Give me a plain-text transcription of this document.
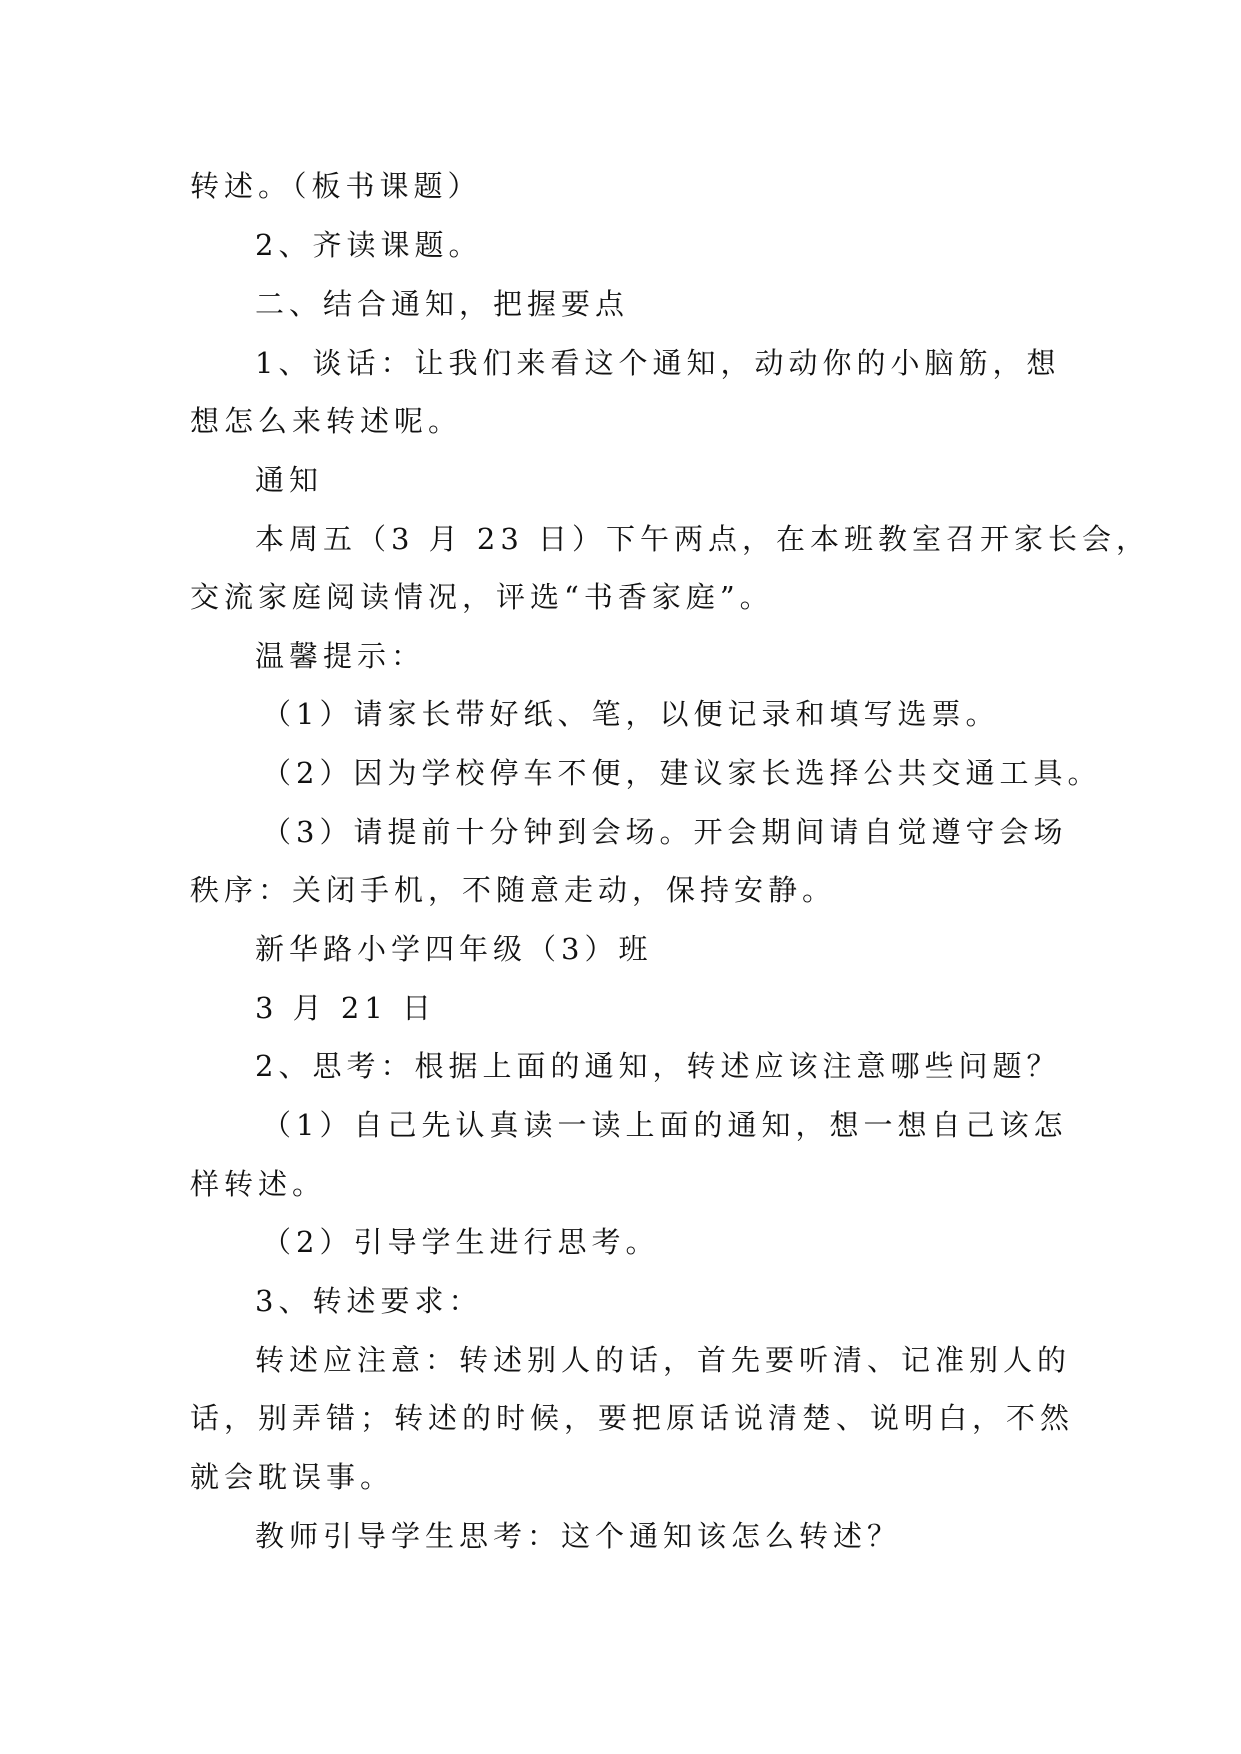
转述。（板书课题）
2、齐读课题。
二、结合通知，把握要点
1、谈话：让我们来看这个通知，动动你的小脑筋，想
想怎么来转述呢。
通知
本周五（3 月 23 日）下午两点，在本班教室召开家长会，
交流家庭阅读情况，评选“书香家庭”。
温馨提示：
（1）请家长带好纸、笔，以便记录和填写选票。
（2）因为学校停车不便，建议家长选择公共交通工具。
（3）请提前十分钟到会场。开会期间请自觉遵守会场
秩序：关闭手机，不随意走动，保持安静。
新华路小学四年级（3）班
3 月 21 日
2、思考：根据上面的通知，转述应该注意哪些问题？
（1）自己先认真读一读上面的通知，想一想自己该怎
样转述。
（2）引导学生进行思考。
3、转述要求：
转述应注意：转述别人的话，首先要听清、记准别人的
话，别弄错；转述的时候，要把原话说清楚、说明白，不然
就会耽误事。
教师引导学生思考：这个通知该怎么转述？
